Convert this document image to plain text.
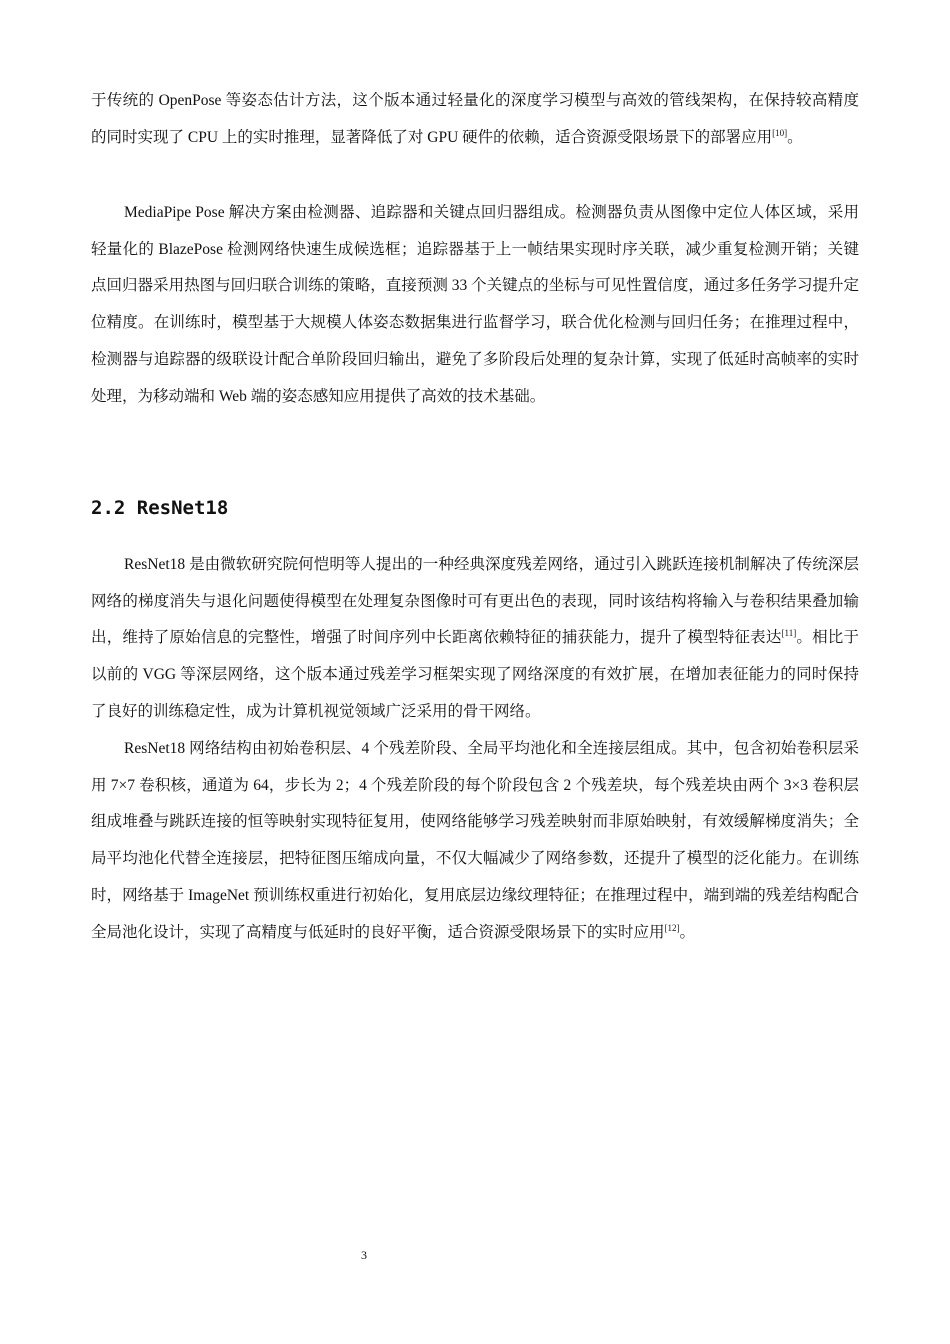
于传统的 OpenPose 等姿态估计方法，这个版本通过轻量化的深度学习模型与高效的管线架构，在保持较高精度的同时实现了 CPU 上的实时推理，显著降低了对 GPU 硬件的依赖，适合资源受限场景下的部署应用[10]。

MediaPipe Pose 解决方案由检测器、追踪器和关键点回归器组成。检测器负责从图像中定位人体区域，采用轻量化的 BlazePose 检测网络快速生成候选框；追踪器基于上一帧结果实现时序关联，减少重复检测开销；关键点回归器采用热图与回归联合训练的策略，直接预测 33 个关键点的坐标与可见性置信度，通过多任务学习提升定位精度。在训练时，模型基于大规模人体姿态数据集进行监督学习，联合优化检测与回归任务；在推理过程中，检测器与追踪器的级联设计配合单阶段回归输出，避免了多阶段后处理的复杂计算，实现了低延时高帧率的实时处理，为移动端和 Web 端的姿态感知应用提供了高效的技术基础。

2.2 ResNet18

ResNet18 是由微软研究院何恺明等人提出的一种经典深度残差网络，通过引入跳跃连接机制解决了传统深层网络的梯度消失与退化问题使得模型在处理复杂图像时可有更出色的表现，同时该结构将输入与卷积结果叠加输出，维持了原始信息的完整性，增强了时间序列中长距离依赖特征的捕获能力，提升了模型特征表达[11]。相比于以前的 VGG 等深层网络，这个版本通过残差学习框架实现了网络深度的有效扩展，在增加表征能力的同时保持了良好的训练稳定性，成为计算机视觉领域广泛采用的骨干网络。

ResNet18 网络结构由初始卷积层、4 个残差阶段、全局平均池化和全连接层组成。其中，包含初始卷积层采用 7×7 卷积核，通道为 64，步长为 2；4 个残差阶段的每个阶段包含 2 个残差块，每个残差块由两个 3×3 卷积层组成堆叠与跳跃连接的恒等映射实现特征复用，使网络能够学习残差映射而非原始映射，有效缓解梯度消失；全局平均池化代替全连接层，把特征图压缩成向量，不仅大幅减少了网络参数，还提升了模型的泛化能力。在训练时，网络基于 ImageNet 预训练权重进行初始化，复用底层边缘纹理特征；在推理过程中，端到端的残差结构配合全局池化设计，实现了高精度与低延时的良好平衡，适合资源受限场景下的实时应用[12]。

3
